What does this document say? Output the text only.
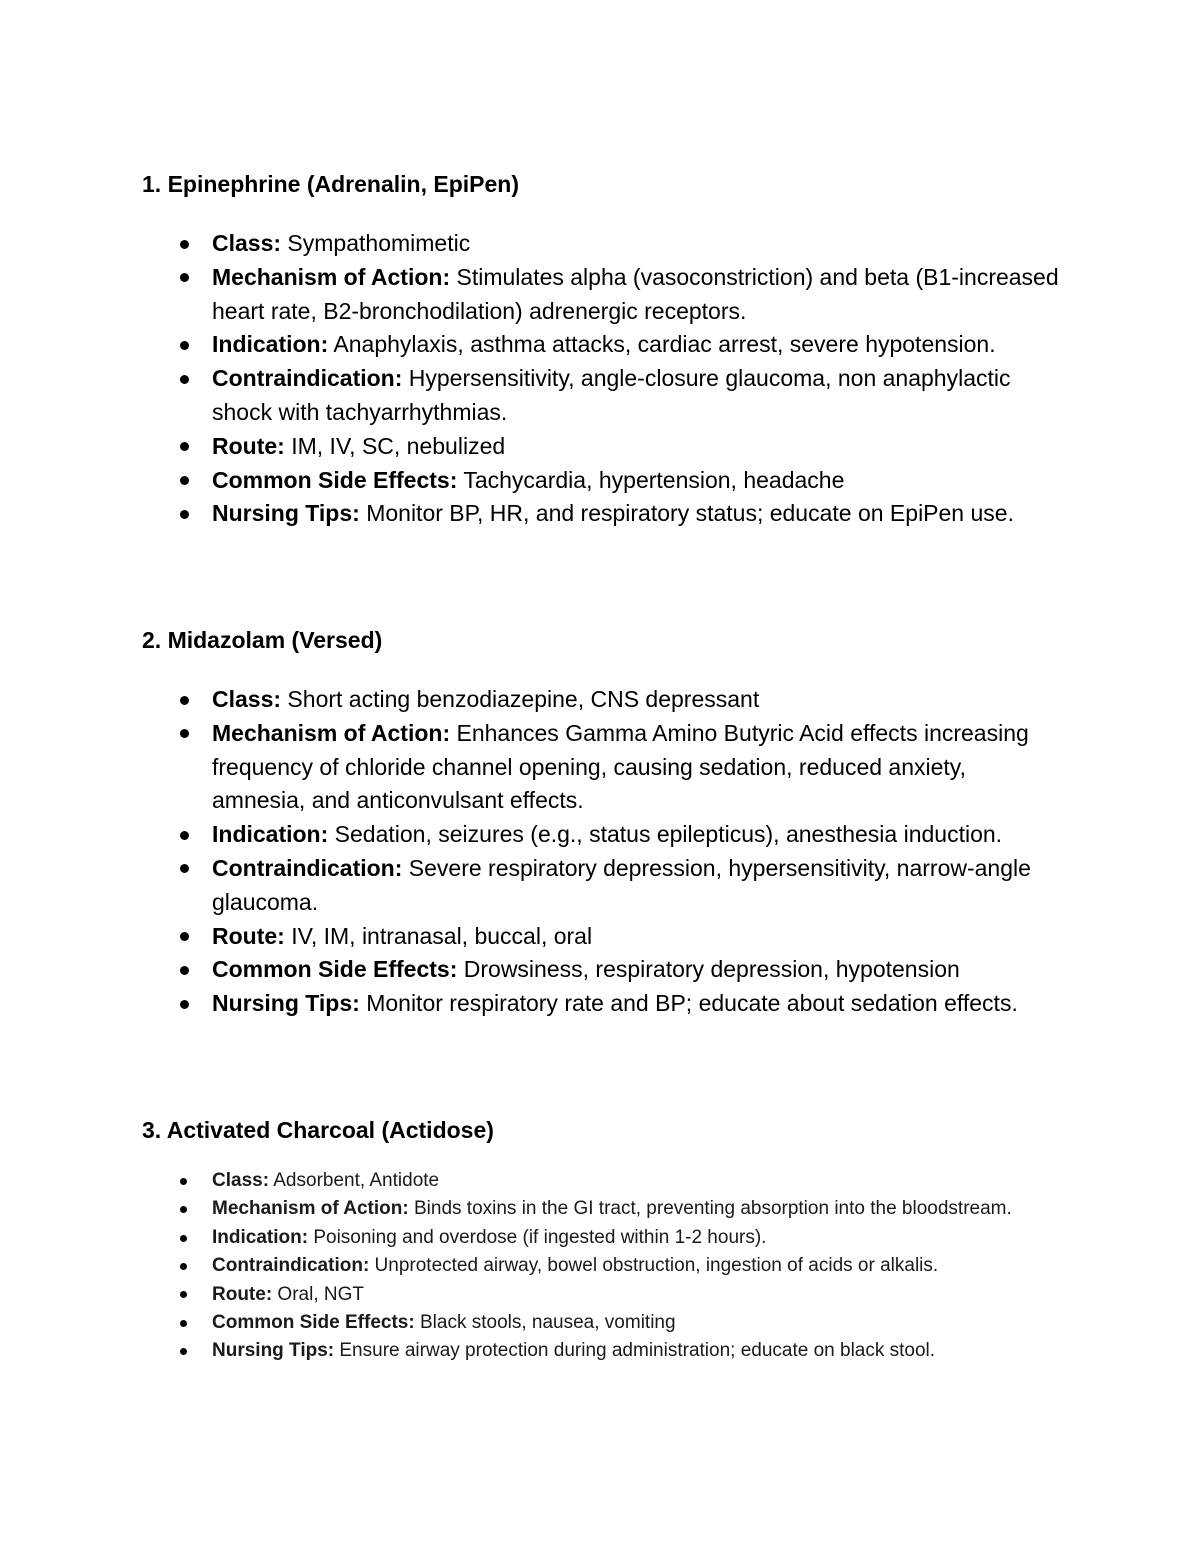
1. Epinephrine (Adrenalin, EpiPen)
Class: Sympathomimetic
Mechanism of Action: Stimulates alpha (vasoconstriction) and beta (B1-increased heart rate, B2-bronchodilation) adrenergic receptors.
Indication: Anaphylaxis, asthma attacks, cardiac arrest, severe hypotension.
Contraindication: Hypersensitivity, angle-closure glaucoma, non anaphylactic shock with tachyarrhythmias.
Route: IM, IV, SC, nebulized
Common Side Effects: Tachycardia, hypertension, headache
Nursing Tips: Monitor BP, HR, and respiratory status; educate on EpiPen use.
2. Midazolam (Versed)
Class: Short acting benzodiazepine, CNS depressant
Mechanism of Action: Enhances Gamma Amino Butyric Acid effects increasing frequency of chloride channel opening, causing sedation, reduced anxiety, amnesia, and anticonvulsant effects.
Indication: Sedation, seizures (e.g., status epilepticus), anesthesia induction.
Contraindication: Severe respiratory depression, hypersensitivity, narrow-angle glaucoma.
Route: IV, IM, intranasal, buccal, oral
Common Side Effects: Drowsiness, respiratory depression, hypotension
Nursing Tips: Monitor respiratory rate and BP; educate about sedation effects.
3. Activated Charcoal (Actidose)
Class: Adsorbent, Antidote
Mechanism of Action: Binds toxins in the GI tract, preventing absorption into the bloodstream.
Indication: Poisoning and overdose (if ingested within 1-2 hours).
Contraindication: Unprotected airway, bowel obstruction, ingestion of acids or alkalis.
Route: Oral, NGT
Common Side Effects: Black stools, nausea, vomiting
Nursing Tips: Ensure airway protection during administration; educate on black stool.
